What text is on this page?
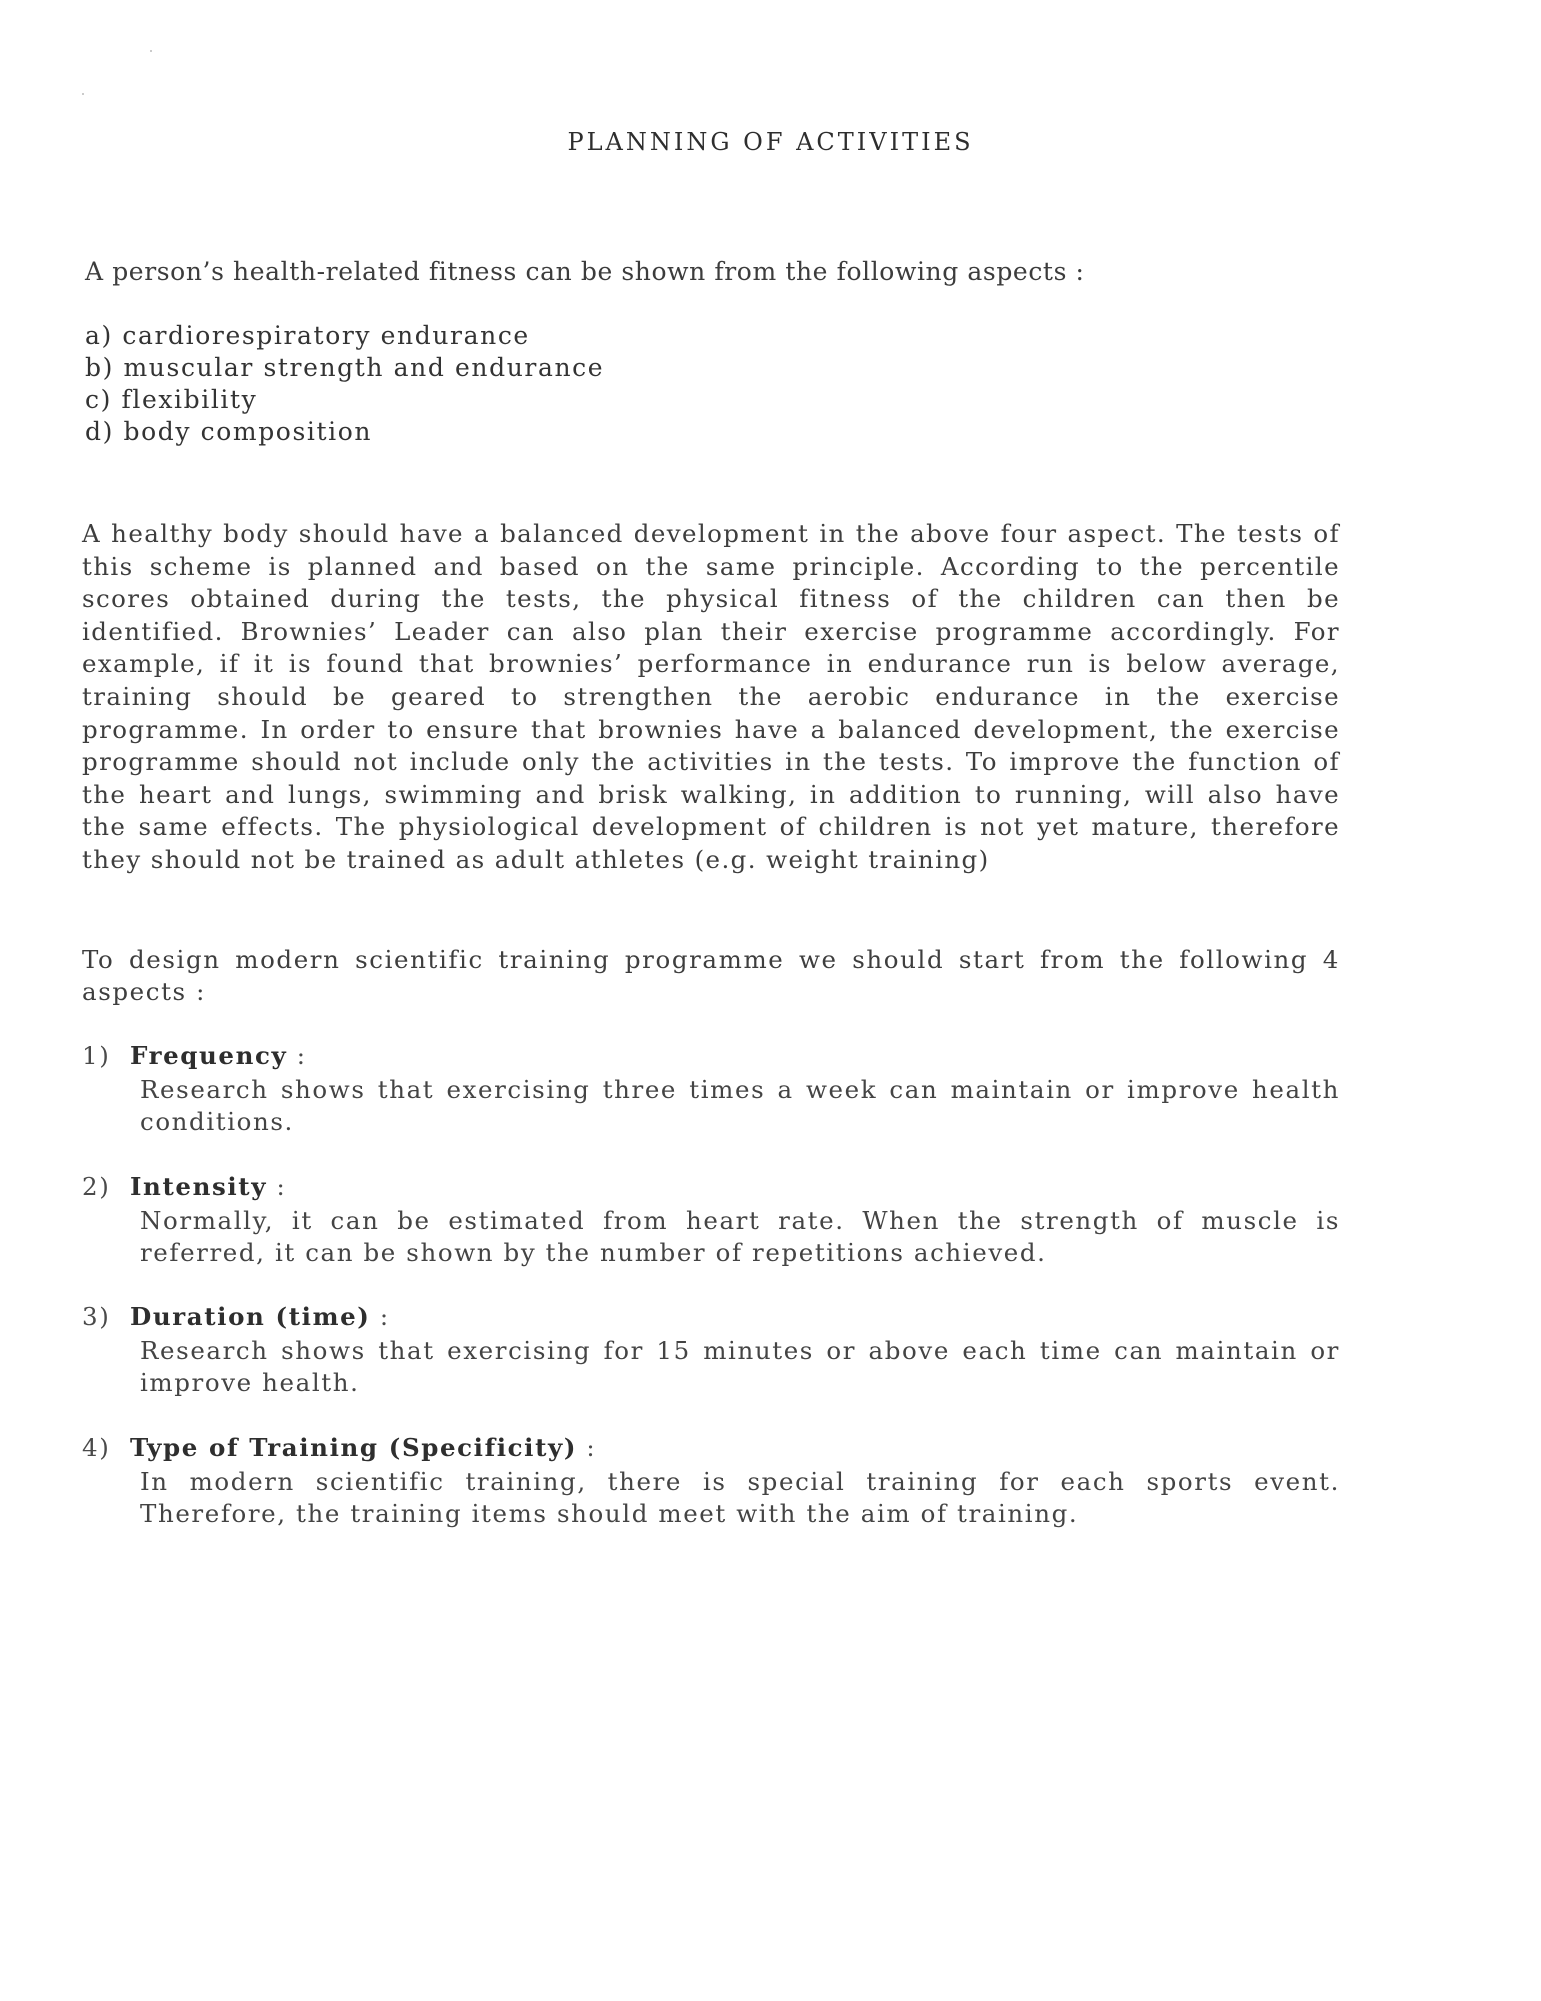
PLANNING OF ACTIVITIES
A person’s health-related fitness can be shown from the following aspects :
a) cardiorespiratory endurance
b) muscular strength and endurance
c) flexibility
d) body composition
A healthy body should have a balanced development in the above four aspect. The tests of this scheme is planned and based on the same principle. According to the percentile scores obtained during the tests, the physical fitness of the children can then be identified. Brownies’ Leader can also plan their exercise programme accordingly. For example, if it is found that brownies’ performance in endurance run is below average, training should be geared to strengthen the aerobic endurance in the exercise programme. In order to ensure that brownies have a balanced development, the exercise programme should not include only the activities in the tests. To improve the function of the heart and lungs, swimming and brisk walking, in addition to running, will also have the same effects. The physiological development of children is not yet mature, therefore they should not be trained as adult athletes (e.g. weight training)
To design modern scientific training programme we should start from the following 4 aspects :
1) Frequency :
Research shows that exercising three times a week can maintain or improve health conditions.
2) Intensity :
Normally, it can be estimated from heart rate. When the strength of muscle is referred, it can be shown by the number of repetitions achieved.
3) Duration (time) :
Research shows that exercising for 15 minutes or above each time can maintain or improve health.
4) Type of Training (Specificity) :
In modern scientific training, there is special training for each sports event. Therefore, the training items should meet with the aim of training.
